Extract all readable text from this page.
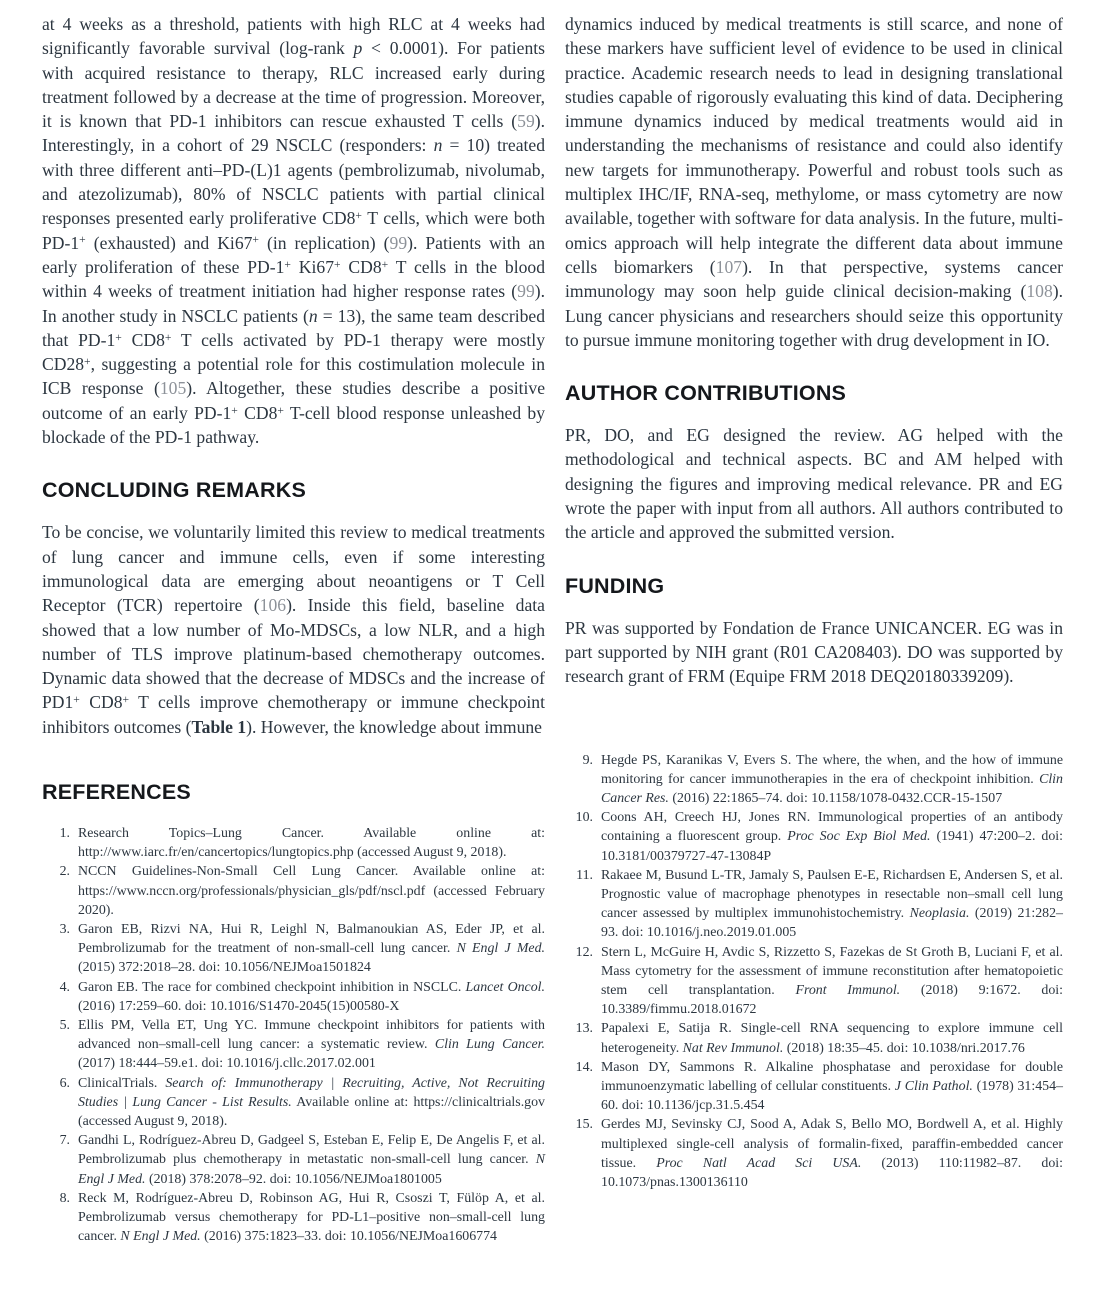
at 4 weeks as a threshold, patients with high RLC at 4 weeks had significantly favorable survival (log-rank p < 0.0001). For patients with acquired resistance to therapy, RLC increased early during treatment followed by a decrease at the time of progression. Moreover, it is known that PD-1 inhibitors can rescue exhausted T cells (59). Interestingly, in a cohort of 29 NSCLC (responders: n = 10) treated with three different anti–PD-(L)1 agents (pembrolizumab, nivolumab, and atezolizumab), 80% of NSCLC patients with partial clinical responses presented early proliferative CD8+ T cells, which were both PD-1+ (exhausted) and Ki67+ (in replication) (99). Patients with an early proliferation of these PD-1+ Ki67+ CD8+ T cells in the blood within 4 weeks of treatment initiation had higher response rates (99). In another study in NSCLC patients (n = 13), the same team described that PD-1+ CD8+ T cells activated by PD-1 therapy were mostly CD28+, suggesting a potential role for this costimulation molecule in ICB response (105). Altogether, these studies describe a positive outcome of an early PD-1+ CD8+ T-cell blood response unleashed by blockade of the PD-1 pathway.

CONCLUDING REMARKS

To be concise, we voluntarily limited this review to medical treatments of lung cancer and immune cells, even if some interesting immunological data are emerging about neoantigens or T Cell Receptor (TCR) repertoire (106). Inside this field, baseline data showed that a low number of Mo-MDSCs, a low NLR, and a high number of TLS improve platinum-based chemotherapy outcomes. Dynamic data showed that the decrease of MDSCs and the increase of PD1+ CD8+ T cells improve chemotherapy or immune checkpoint inhibitors outcomes (Table 1). However, the knowledge about immune

REFERENCES
1. Research Topics–Lung Cancer. Available online at: http://www.iarc.fr/en/cancertopics/lungtopics.php (accessed August 9, 2018).
2. NCCN Guidelines-Non-Small Cell Lung Cancer. Available online at: https://www.nccn.org/professionals/physician_gls/pdf/nscl.pdf (accessed February 2020).
3. Garon EB, Rizvi NA, Hui R, Leighl N, Balmanoukian AS, Eder JP, et al. Pembrolizumab for the treatment of non-small-cell lung cancer. N Engl J Med. (2015) 372:2018–28. doi: 10.1056/NEJMoa1501824
4. Garon EB. The race for combined checkpoint inhibition in NSCLC. Lancet Oncol. (2016) 17:259–60. doi: 10.1016/S1470-2045(15)00580-X
5. Ellis PM, Vella ET, Ung YC. Immune checkpoint inhibitors for patients with advanced non–small-cell lung cancer: a systematic review. Clin Lung Cancer. (2017) 18:444–59.e1. doi: 10.1016/j.cllc.2017.02.001
6. ClinicalTrials. Search of: Immunotherapy | Recruiting, Active, Not Recruiting Studies | Lung Cancer - List Results. Available online at: https://clinicaltrials.gov (accessed August 9, 2018).
7. Gandhi L, Rodríguez-Abreu D, Gadgeel S, Esteban E, Felip E, De Angelis F, et al. Pembrolizumab plus chemotherapy in metastatic non-small-cell lung cancer. N Engl J Med. (2018) 378:2078–92. doi: 10.1056/NEJMoa1801005
8. Reck M, Rodríguez-Abreu D, Robinson AG, Hui R, Csoszi T, Fülöp A, et al. Pembrolizumab versus chemotherapy for PD-L1–positive non–small-cell lung cancer. N Engl J Med. (2016) 375:1823–33. doi: 10.1056/NEJMoa1606774

dynamics induced by medical treatments is still scarce, and none of these markers have sufficient level of evidence to be used in clinical practice. Academic research needs to lead in designing translational studies capable of rigorously evaluating this kind of data. Deciphering immune dynamics induced by medical treatments would aid in understanding the mechanisms of resistance and could also identify new targets for immunotherapy. Powerful and robust tools such as multiplex IHC/IF, RNA-seq, methylome, or mass cytometry are now available, together with software for data analysis. In the future, multi-omics approach will help integrate the different data about immune cells biomarkers (107). In that perspective, systems cancer immunology may soon help guide clinical decision-making (108). Lung cancer physicians and researchers should seize this opportunity to pursue immune monitoring together with drug development in IO.

AUTHOR CONTRIBUTIONS

PR, DO, and EG designed the review. AG helped with the methodological and technical aspects. BC and AM helped with designing the figures and improving medical relevance. PR and EG wrote the paper with input from all authors. All authors contributed to the article and approved the submitted version.

FUNDING

PR was supported by Fondation de France UNICANCER. EG was in part supported by NIH grant (R01 CA208403). DO was supported by research grant of FRM (Equipe FRM 2018 DEQ20180339209).

9. Hegde PS, Karanikas V, Evers S. The where, the when, and the how of immune monitoring for cancer immunotherapies in the era of checkpoint inhibition. Clin Cancer Res. (2016) 22:1865–74. doi: 10.1158/1078-0432.CCR-15-1507
10. Coons AH, Creech HJ, Jones RN. Immunological properties of an antibody containing a fluorescent group. Proc Soc Exp Biol Med. (1941) 47:200–2. doi: 10.3181/00379727-47-13084P
11. Rakaee M, Busund L-TR, Jamaly S, Paulsen E-E, Richardsen E, Andersen S, et al. Prognostic value of macrophage phenotypes in resectable non–small cell lung cancer assessed by multiplex immunohistochemistry. Neoplasia. (2019) 21:282–93. doi: 10.1016/j.neo.2019.01.005
12. Stern L, McGuire H, Avdic S, Rizzetto S, Fazekas de St Groth B, Luciani F, et al. Mass cytometry for the assessment of immune reconstitution after hematopoietic stem cell transplantation. Front Immunol. (2018) 9:1672. doi: 10.3389/fimmu.2018.01672
13. Papalexi E, Satija R. Single-cell RNA sequencing to explore immune cell heterogeneity. Nat Rev Immunol. (2018) 18:35–45. doi: 10.1038/nri.2017.76
14. Mason DY, Sammons R. Alkaline phosphatase and peroxidase for double immunoenzymatic labelling of cellular constituents. J Clin Pathol. (1978) 31:454–60. doi: 10.1136/jcp.31.5.454
15. Gerdes MJ, Sevinsky CJ, Sood A, Adak S, Bello MO, Bordwell A, et al. Highly multiplexed single-cell analysis of formalin-fixed, paraffin-embedded cancer tissue. Proc Natl Acad Sci USA. (2013) 110:11982–87. doi: 10.1073/pnas.1300136110
